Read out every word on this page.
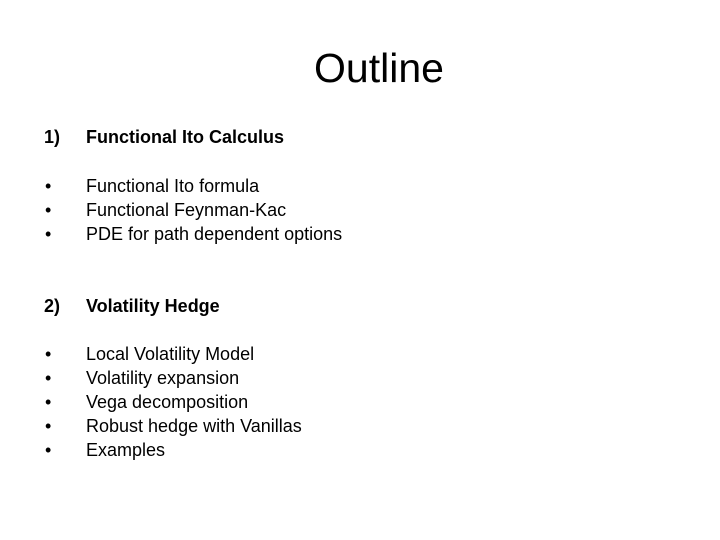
Outline
1)	Functional Ito Calculus
•	Functional Ito formula
•	Functional Feynman-Kac
•	PDE for path dependent options
2)	Volatility Hedge
•	Local Volatility Model
•	Volatility expansion
•	Vega decomposition
•	Robust hedge with Vanillas
•	Examples
